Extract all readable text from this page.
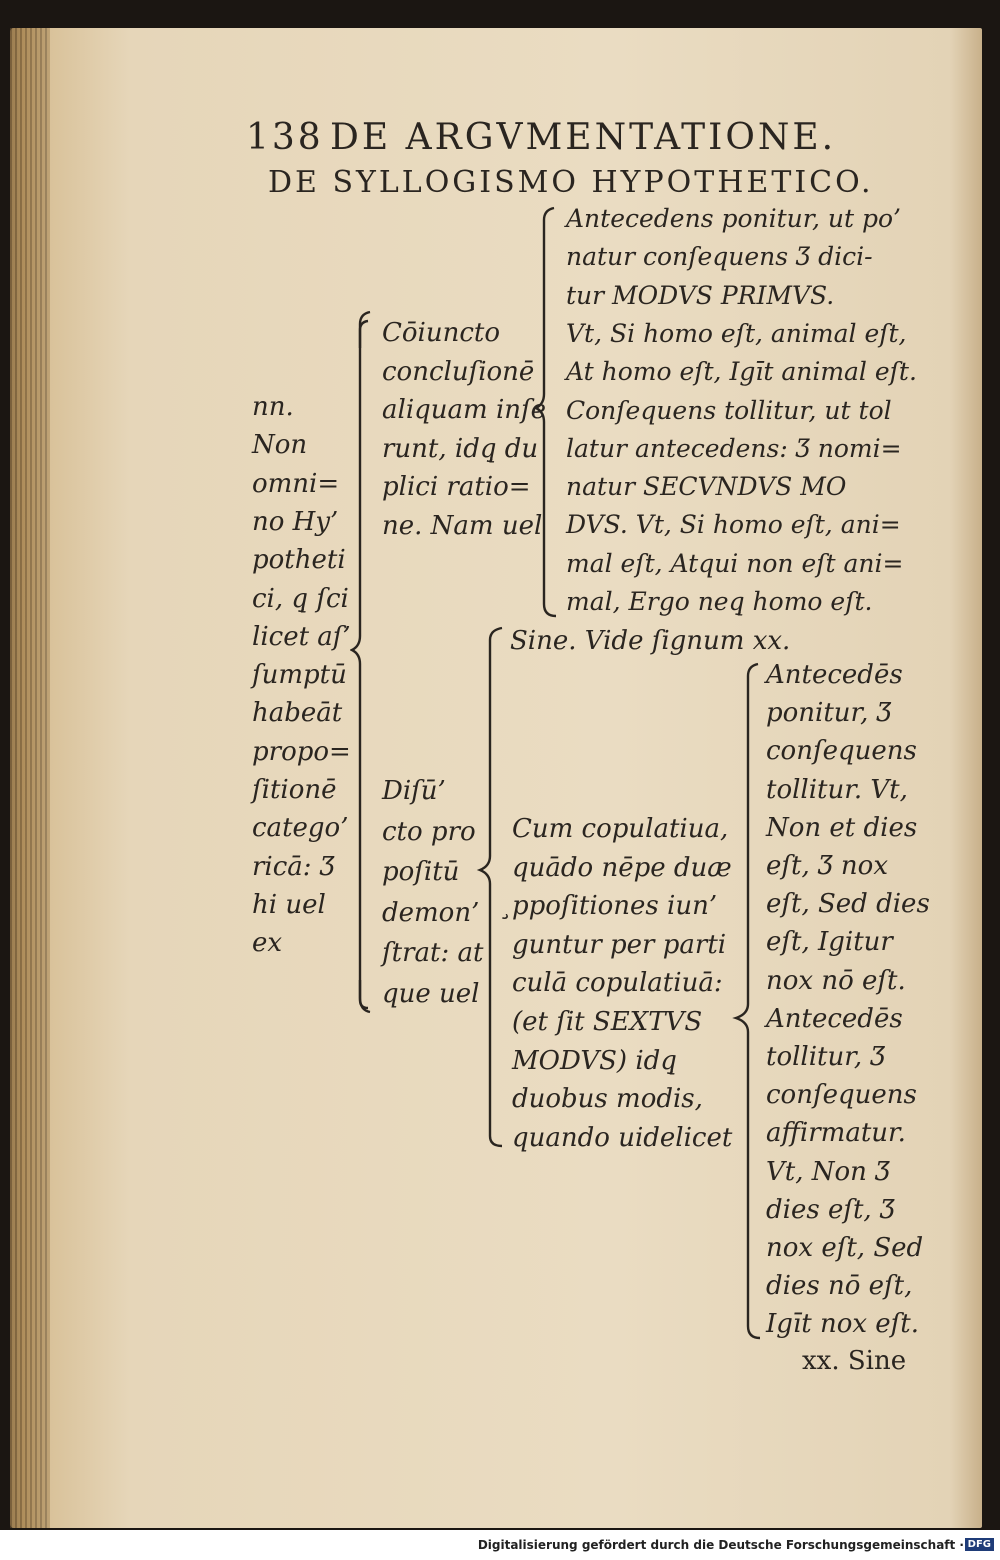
138 DE ARGVMENTATIONE.
DE SYLLOGISMO HYPOTHETICO.
nn.
Non
omni=
no Hy’
potheti
ci, q̧ ſci
licet aſ’
ſumptū
habeāt
propo=
ſitionē
catego’
ricā: Ʒ
hi uel
ex
Cōiuncto
concluſionē
aliquam inſe
runt, idq̧ du
plici ratio=
ne. Nam uel
Diſū’
cto pro
poſitū
demon’
ſtrat: at
que uel
Antecedens ponitur, ut po’
natur conſequens Ʒ dici-
tur MODVS PRIMVS.
Vt, Si homo eſt, animal eſt,
At homo eſt, Igīt animal eſt.
Conſequens tollitur, ut tol
latur antecedens: Ʒ nomi=
natur SECVNDVS MO
DVS. Vt, Si homo eſt, ani=
mal eſt, Atqui non eſt ani=
mal, Ergo neq̧ homo eſt.
Sine. Vide ſignum xx.
Cum copulatiua,
quādo nēpe duæ
̧ppoſitiones iun’
guntur per parti
culā copulatiuā:
(et ſit SEXTVS
MODVS) idq̧
duobus modis,
quando uidelicet
Antecedēs
ponitur, Ʒ
conſequens
tollitur. Vt,
Non et dies
eſt, Ʒ nox
eſt, Sed dies
eſt, Igitur
nox nō eſt.
Antecedēs
tollitur, Ʒ
conſequens
affirmatur.
Vt, Non Ʒ
dies eſt, Ʒ
nox eſt, Sed
dies nō eſt,
Igīt nox eſt.
xx. Sine
Digitalisierung gefördert durch die Deutsche Forschungsgemeinschaft · DFG
